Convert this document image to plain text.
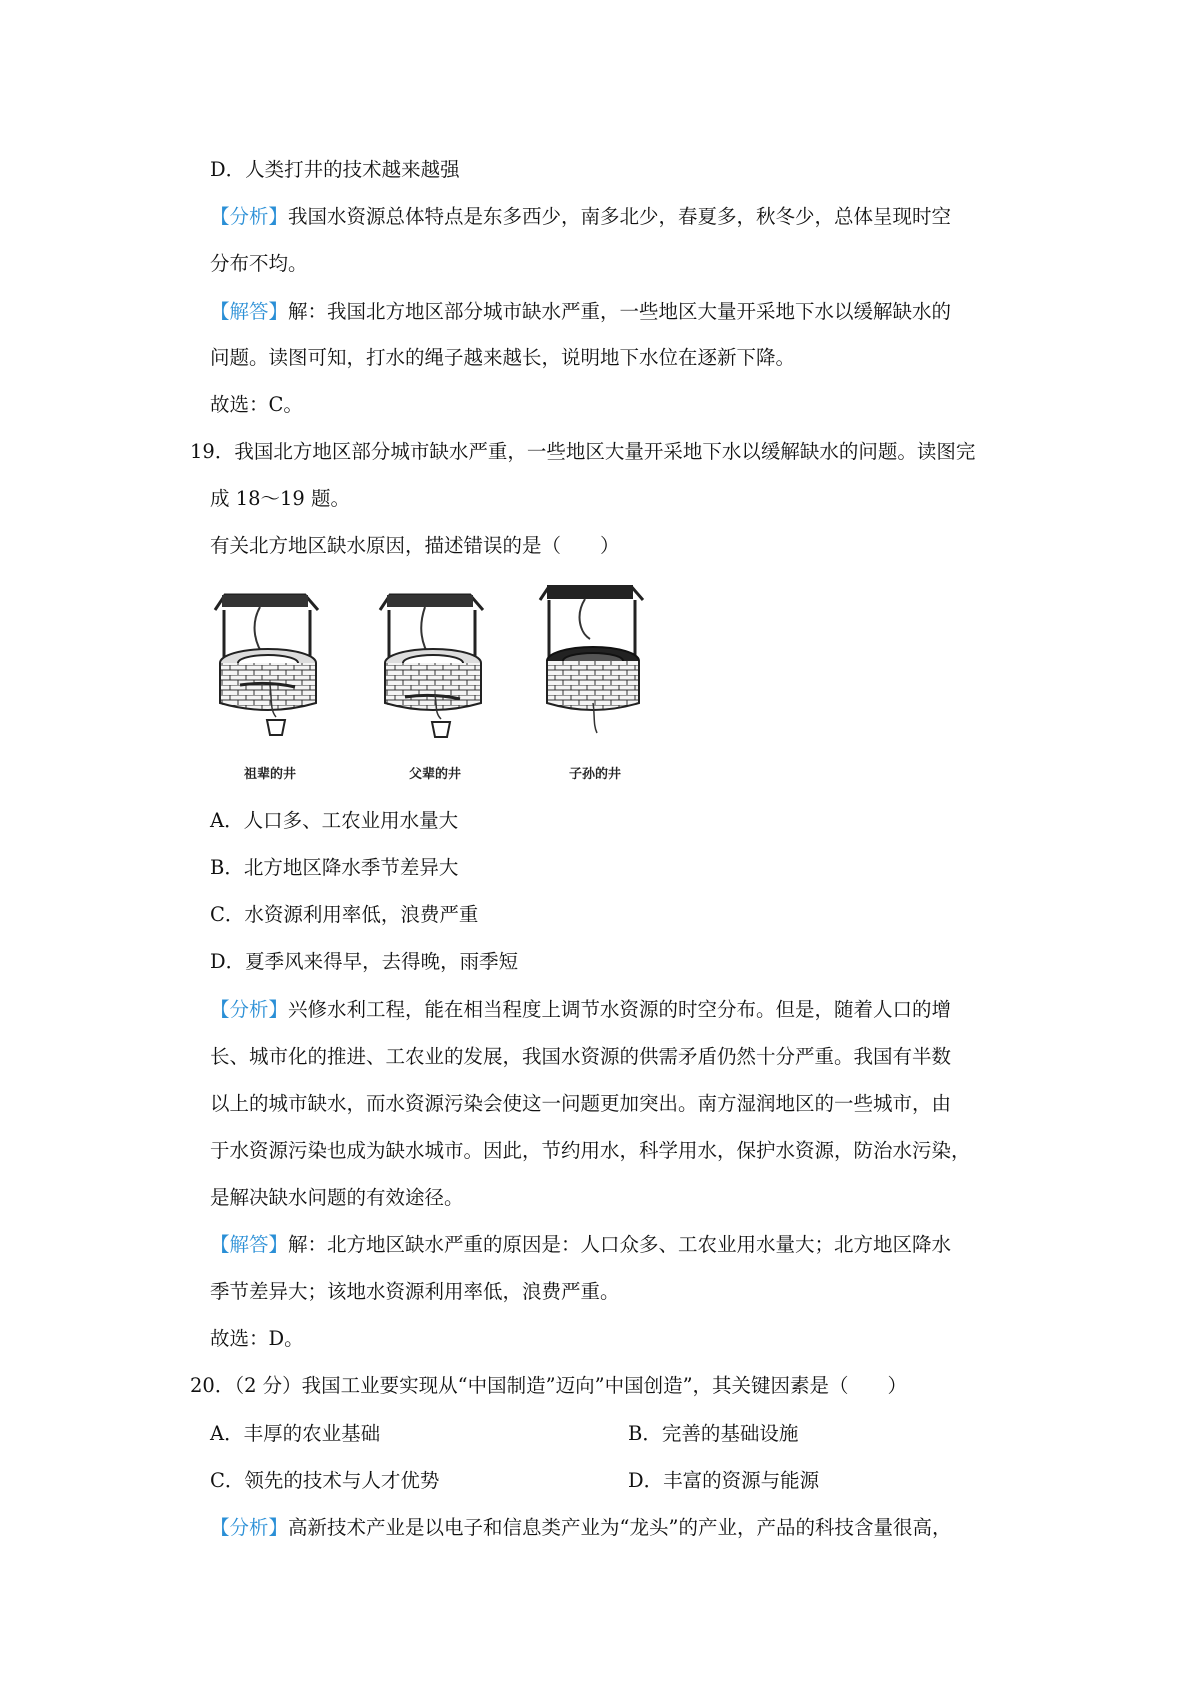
D．人类打井的技术越来越强
【分析】我国水资源总体特点是东多西少，南多北少，春夏多，秋冬少，总体呈现时空
分布不均。
【解答】解：我国北方地区部分城市缺水严重，一些地区大量开采地下水以缓解缺水的
问题。读图可知，打水的绳子越来越长，说明地下水位在逐新下降。
故选：C。
19．我国北方地区部分城市缺水严重，一些地区大量开采地下水以缓解缺水的问题。读图完
成 18～19 题。
有关北方地区缺水原因，描述错误的是（　　）
祖辈的井	父辈的井	子孙的井
A．人口多、工农业用水量大
B．北方地区降水季节差异大
C．水资源利用率低，浪费严重
D．夏季风来得早，去得晚，雨季短
【分析】兴修水利工程，能在相当程度上调节水资源的时空分布。但是，随着人口的增
长、城市化的推进、工农业的发展，我国水资源的供需矛盾仍然十分严重。我国有半数
以上的城市缺水，而水资源污染会使这一问题更加突出。南方湿润地区的一些城市，由
于水资源污染也成为缺水城市。因此，节约用水，科学用水，保护水资源，防治水污染，
是解决缺水问题的有效途径。
【解答】解：北方地区缺水严重的原因是：人口众多、工农业用水量大；北方地区降水
季节差异大；该地水资源利用率低，浪费严重。
故选：D。
20．（2 分）我国工业要实现从“中国制造”迈向”中国创造”，其关键因素是（　　）
A．丰厚的农业基础	B．完善的基础设施
C．领先的技术与人才优势	D．丰富的资源与能源
【分析】高新技术产业是以电子和信息类产业为“龙头”的产业，产品的科技含量很高，
